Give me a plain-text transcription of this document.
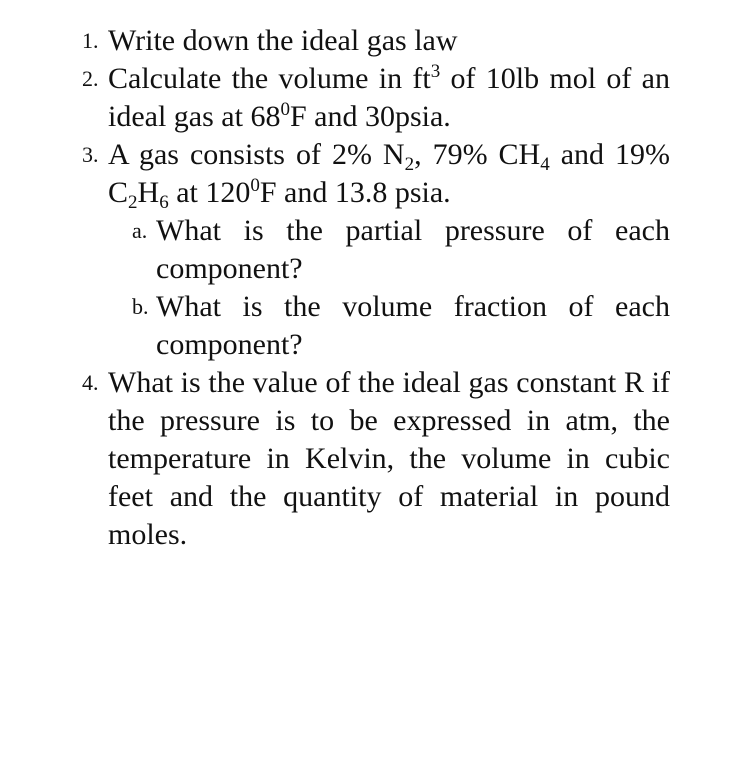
1. Write down the ideal gas law
2. Calculate the volume in $ft^3$ of 10lb mol of an ideal gas at $68^0F$ and 30psia.
3. A gas consists of 2% $N_2$, 79% $CH_4$ and 19% $C_2H_6$ at $120^0F$ and 13.8 psia.
a. What is the partial pressure of each component?
b. What is the volume fraction of each component?
4. What is the value of the ideal gas constant R if the pressure is to be expressed in atm, the temperature in Kelvin, the volume in cubic feet and the quantity of material in pound moles.
